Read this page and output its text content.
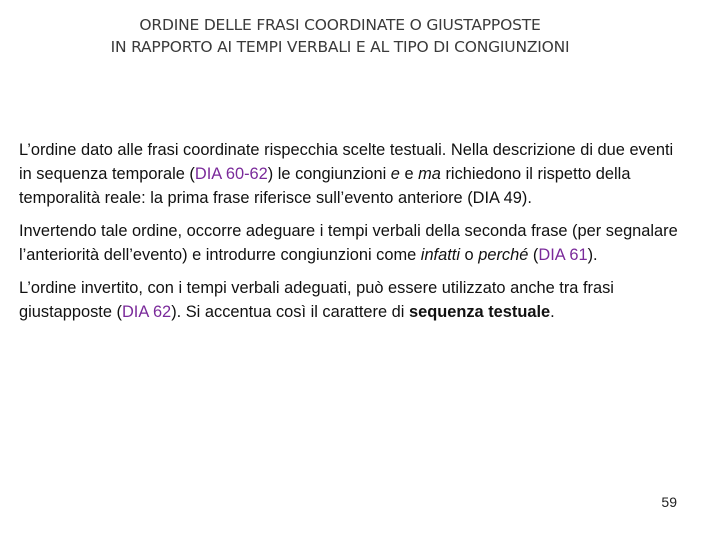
ORDINE DELLE FRASI COORDINATE O GIUSTAPPOSTE
IN RAPPORTO AI TEMPI VERBALI E AL TIPO DI CONGIUNZIONI

L’ordine dato alle frasi coordinate rispecchia scelte testuali. Nella descrizione di due eventi in sequenza temporale (DIA 60-62) le congiunzioni e e ma richiedono il rispetto della temporalità reale: la prima frase riferisce sull’evento anteriore (DIA 49).

Invertendo tale ordine, occorre adeguare i tempi verbali della seconda frase (per segnalare l’anteriorità dell’evento) e introdurre congiunzioni come infatti o perché (DIA 61).

L’ordine invertito, con i tempi verbali adeguati, può essere utilizzato anche tra frasi giustapposte (DIA 62). Si accentua così il carattere di sequenza testuale.

59
